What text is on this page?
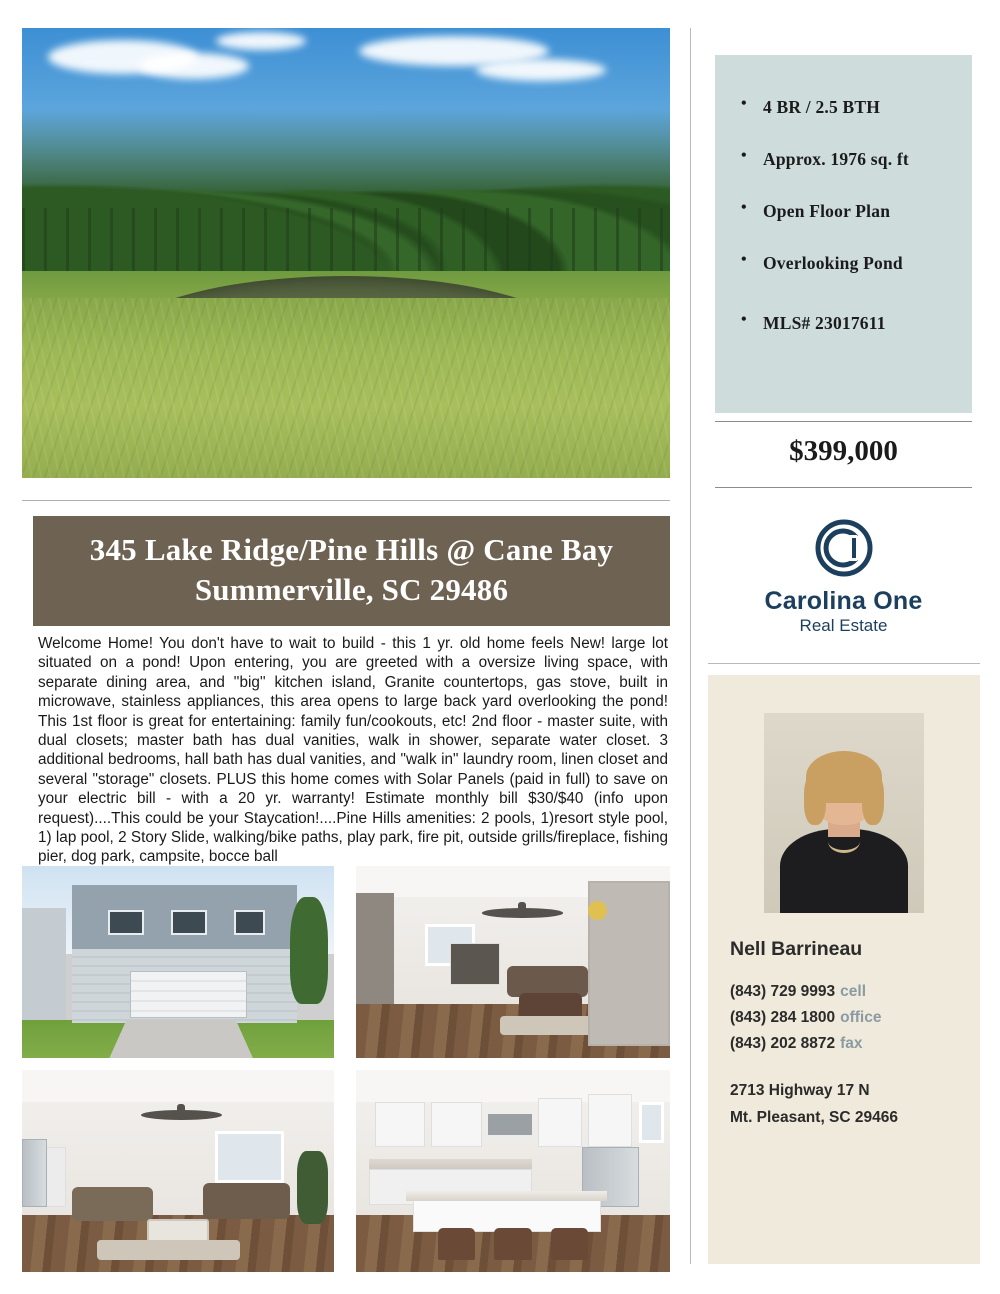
345 Lake Ridge/Pine Hills @ Cane Bay
Summerville, SC 29486
Welcome Home! You don't have to wait to build - this 1 yr. old home feels New! large lot situated on a pond! Upon entering, you are greeted with a oversize living space, with separate dining area, and ''big'' kitchen island, Granite countertops, gas stove, built in microwave, stainless appliances, this area opens to large back yard overlooking the pond! This 1st floor is great for entertaining: family fun/cookouts, etc! 2nd floor - master suite, with dual closets; master bath has dual vanities, walk in shower, separate water closet. 3 additional bedrooms, hall bath has dual vanities, and "walk in" laundry room, linen closet and several "storage" closets. PLUS this home comes with Solar Panels (paid in full) to save on your electric bill - with a 20 yr. warranty! Estimate monthly bill $30/$40 (info upon request)....This could be your Staycation!....Pine Hills amenities: 2 pools, 1)resort style pool, 1) lap pool, 2 Story Slide, walking/bike paths, play park, fire pit, outside grills/fireplace, fishing pier, dog park, campsite, bocce ball
• 4 BR / 2.5 BTH
• Approx. 1976 sq. ft
• Open Floor Plan
• Overlooking Pond
• MLS# 23017611
$399,000
Carolina One
Real Estate
Nell Barrineau
(843) 729 9993 cell
(843) 284 1800 office
(843) 202 8872 fax
2713 Highway 17 N
Mt. Pleasant, SC 29466
